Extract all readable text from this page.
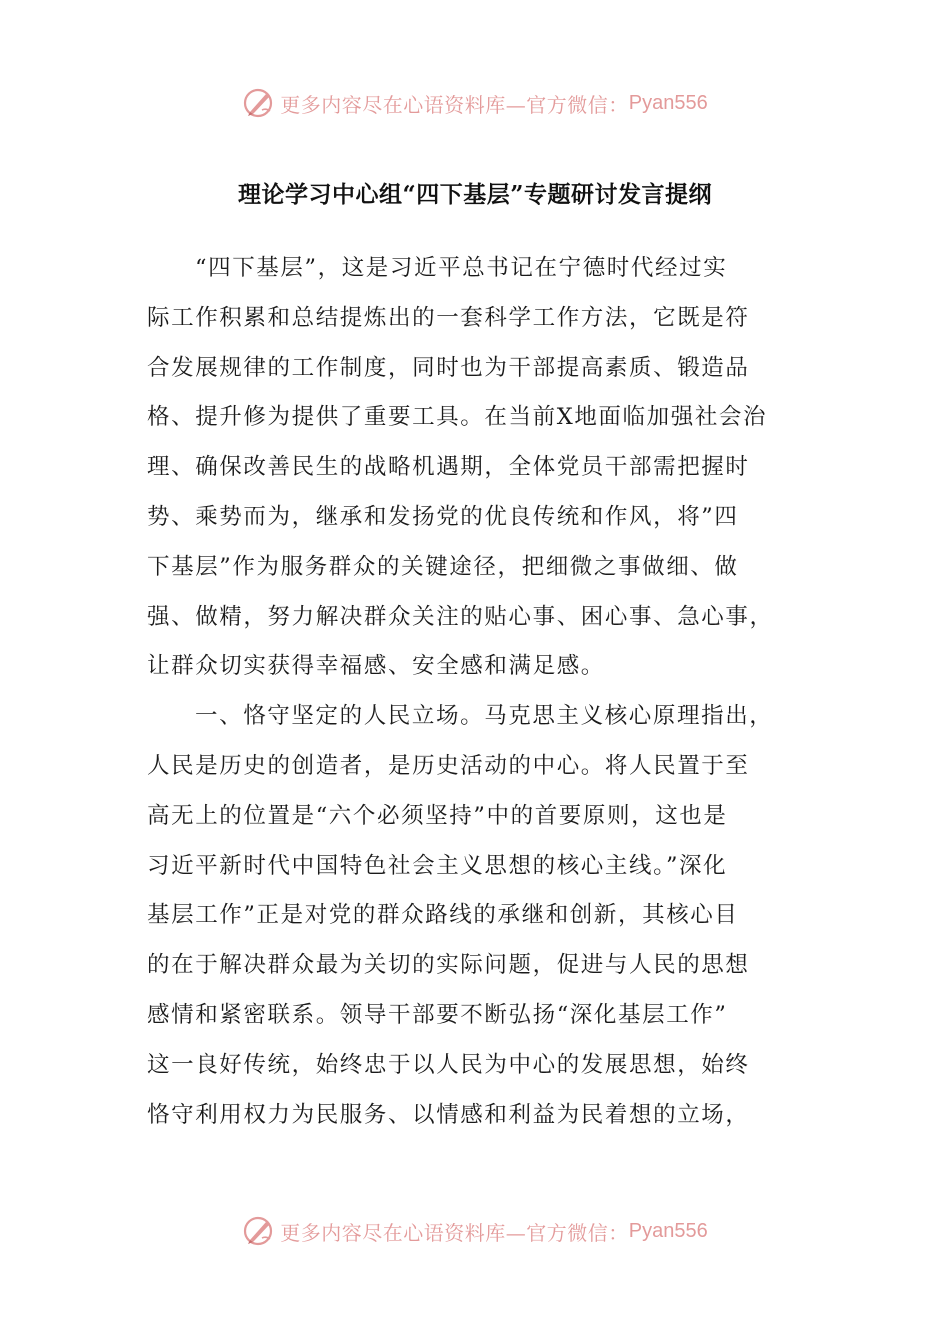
更多内容尽在心语资料库—官方微信： Pyan556
理论学习中心组“四下基层”专题研讨发言提纲
“四下基层”，这是习近平总书记在宁德时代经过实
际工作积累和总结提炼出的一套科学工作方法，它既是符
合发展规律的工作制度，同时也为干部提高素质、锻造品
格、提升修为提供了重要工具。在当前X地面临加强社会治
理、确保改善民生的战略机遇期，全体党员干部需把握时
势、乘势而为，继承和发扬党的优良传统和作风，将”四
下基层”作为服务群众的关键途径，把细微之事做细、做
强、做精，努力解决群众关注的贴心事、困心事、急心事，
让群众切实获得幸福感、安全感和满足感。
一、恪守坚定的人民立场。马克思主义核心原理指出，
人民是历史的创造者，是历史活动的中心。将人民置于至
高无上的位置是“六个必须坚持”中的首要原则，这也是
习近平新时代中国特色社会主义思想的核心主线。”深化
基层工作”正是对党的群众路线的承继和创新，其核心目
的在于解决群众最为关切的实际问题，促进与人民的思想
感情和紧密联系。领导干部要不断弘扬“深化基层工作”
这一良好传统，始终忠于以人民为中心的发展思想，始终
恪守利用权力为民服务、以情感和利益为民着想的立场，
更多内容尽在心语资料库—官方微信： Pyan556
